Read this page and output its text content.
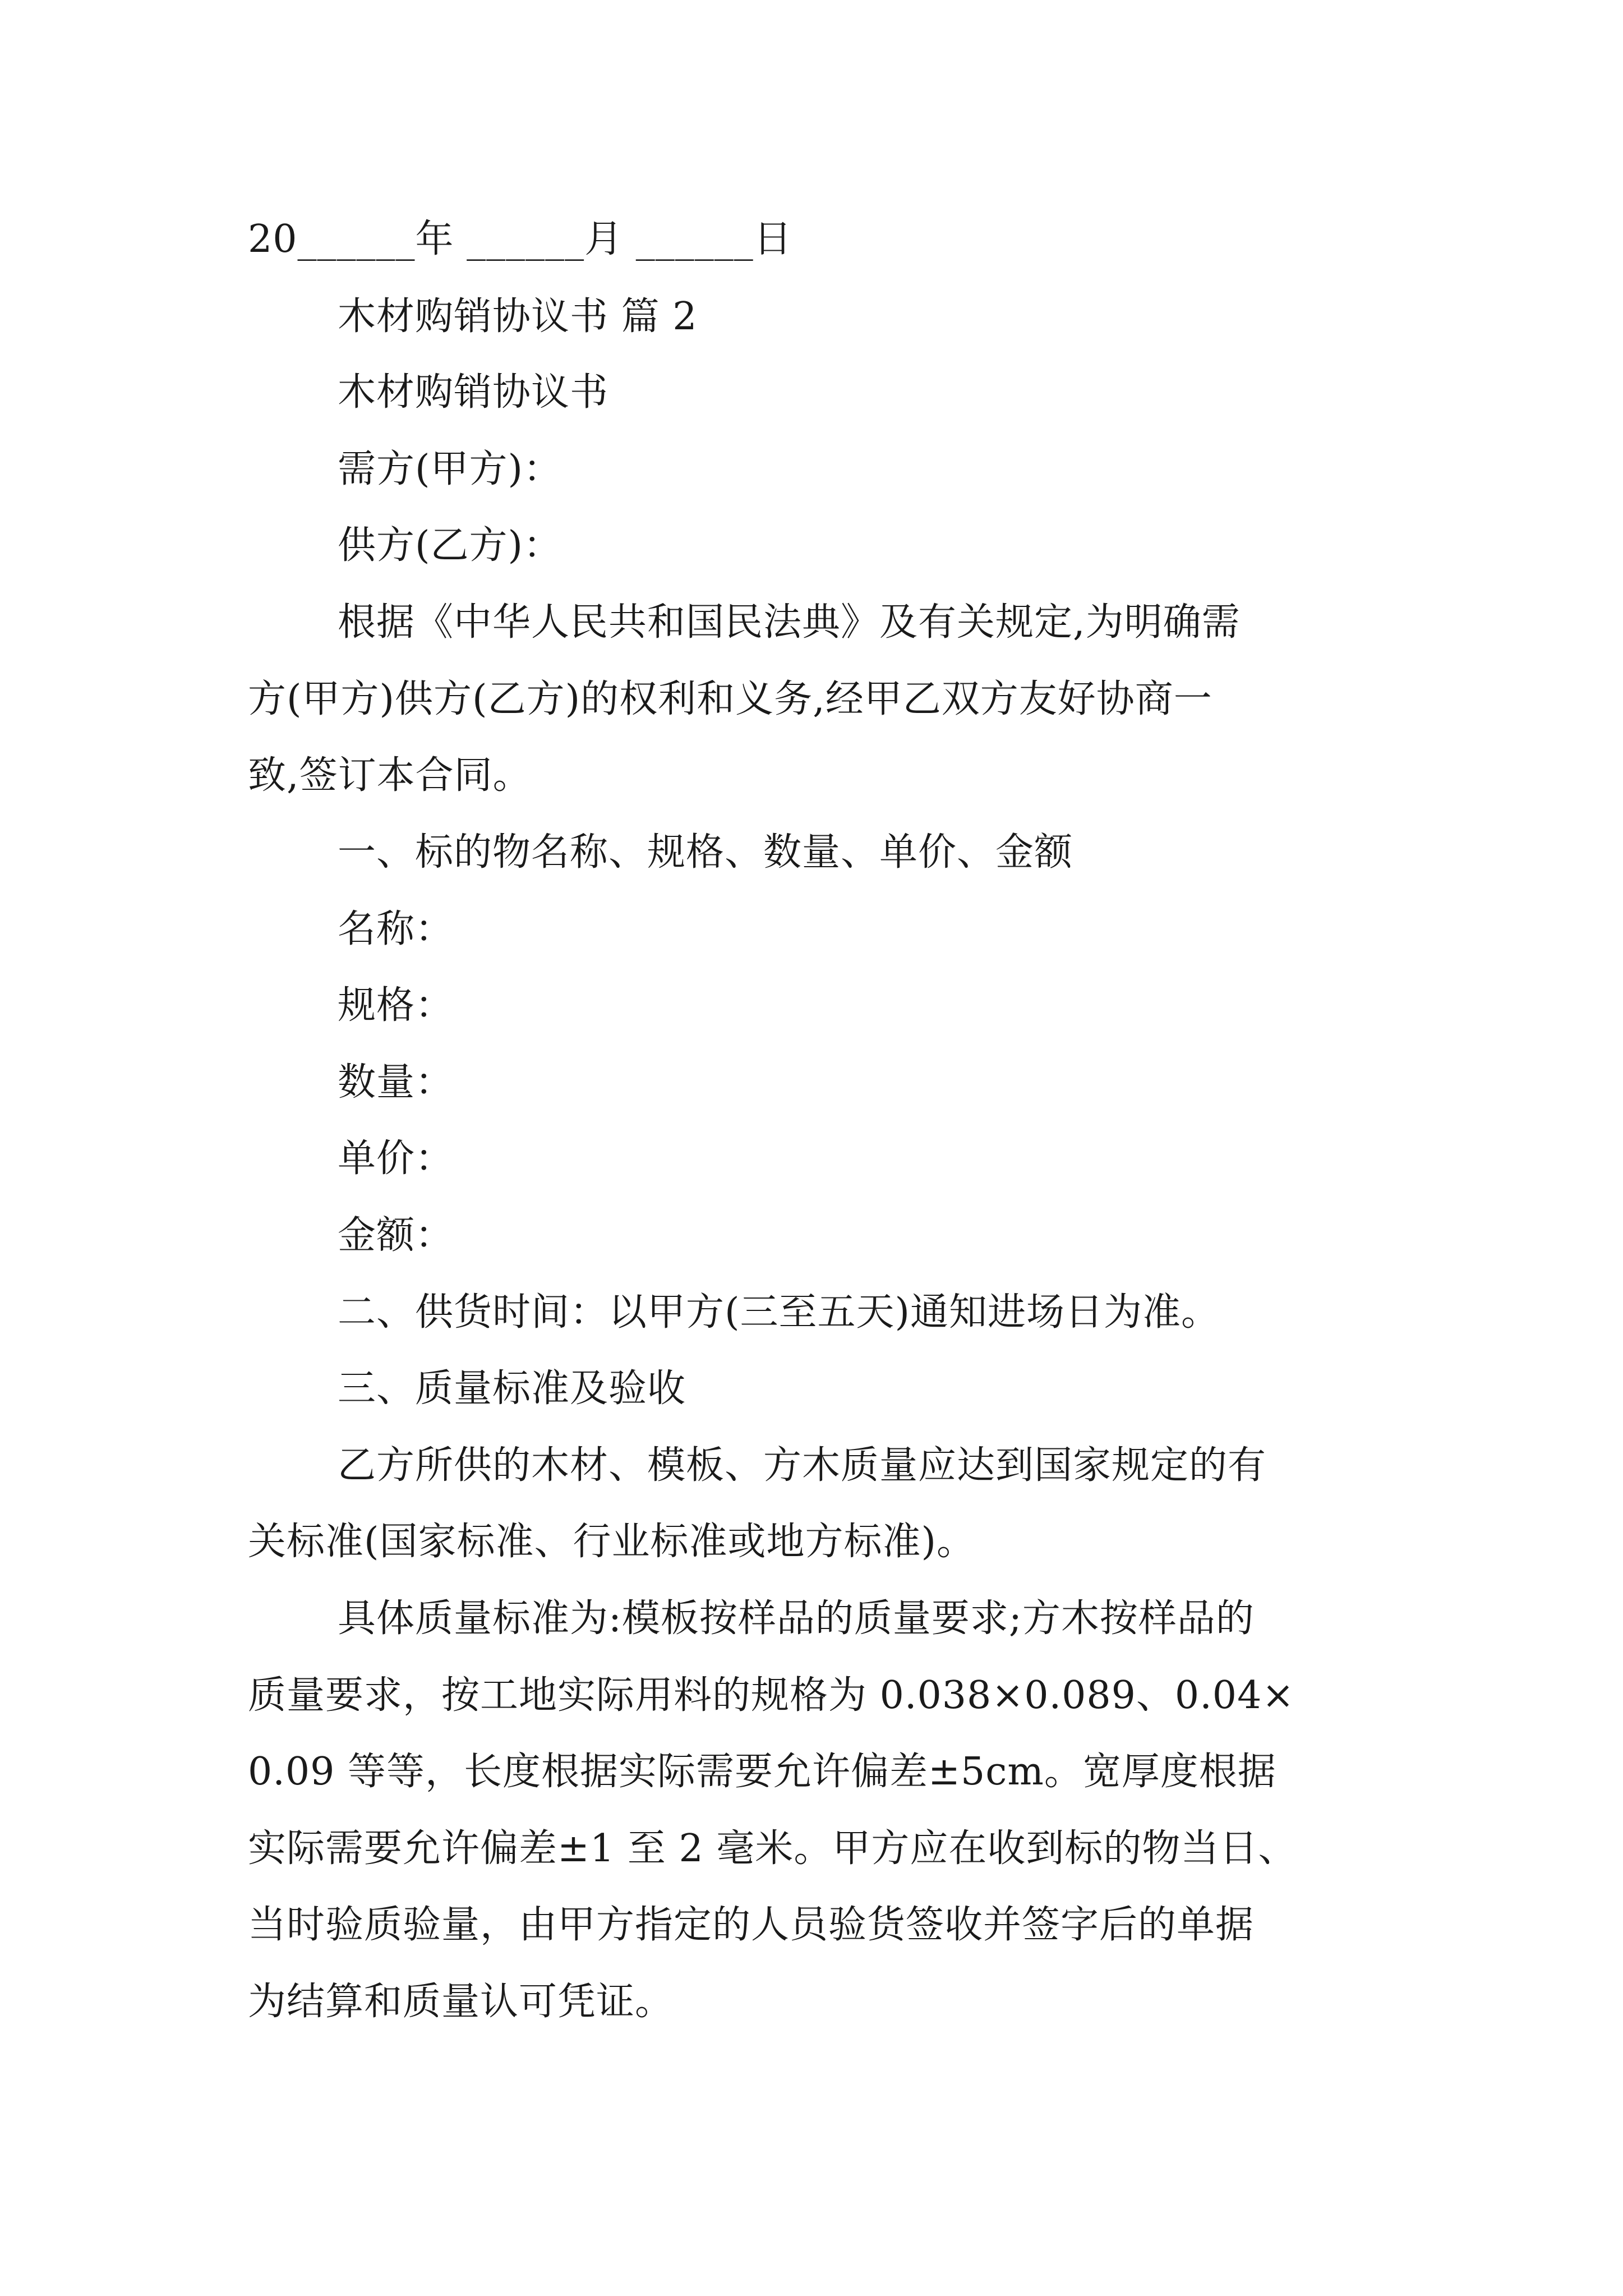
20______年 ______月 ______日

木材购销协议书 篇 2

木材购销协议书

需方(甲方)：

供方(乙方)：

根据《中华人民共和国民法典》及有关规定,为明确需

方(甲方)供方(乙方)的权利和义务,经甲乙双方友好协商一

致,签订本合同。

一、标的物名称、规格、数量、单价、金额

名称：

规格：

数量：

单价：

金额：

二、供货时间：以甲方(三至五天)通知进场日为准。

三、质量标准及验收

乙方所供的木材、模板、方木质量应达到国家规定的有

关标准(国家标准、行业标准或地方标准)。

具体质量标准为:模板按样品的质量要求;方木按样品的

质量要求，按工地实际用料的规格为 0.038×0.089、0.04×

0.09 等等，长度根据实际需要允许偏差±5cm。宽厚度根据

实际需要允许偏差±1 至 2 毫米。甲方应在收到标的物当日、

当时验质验量，由甲方指定的人员验货签收并签字后的单据

为结算和质量认可凭证。
